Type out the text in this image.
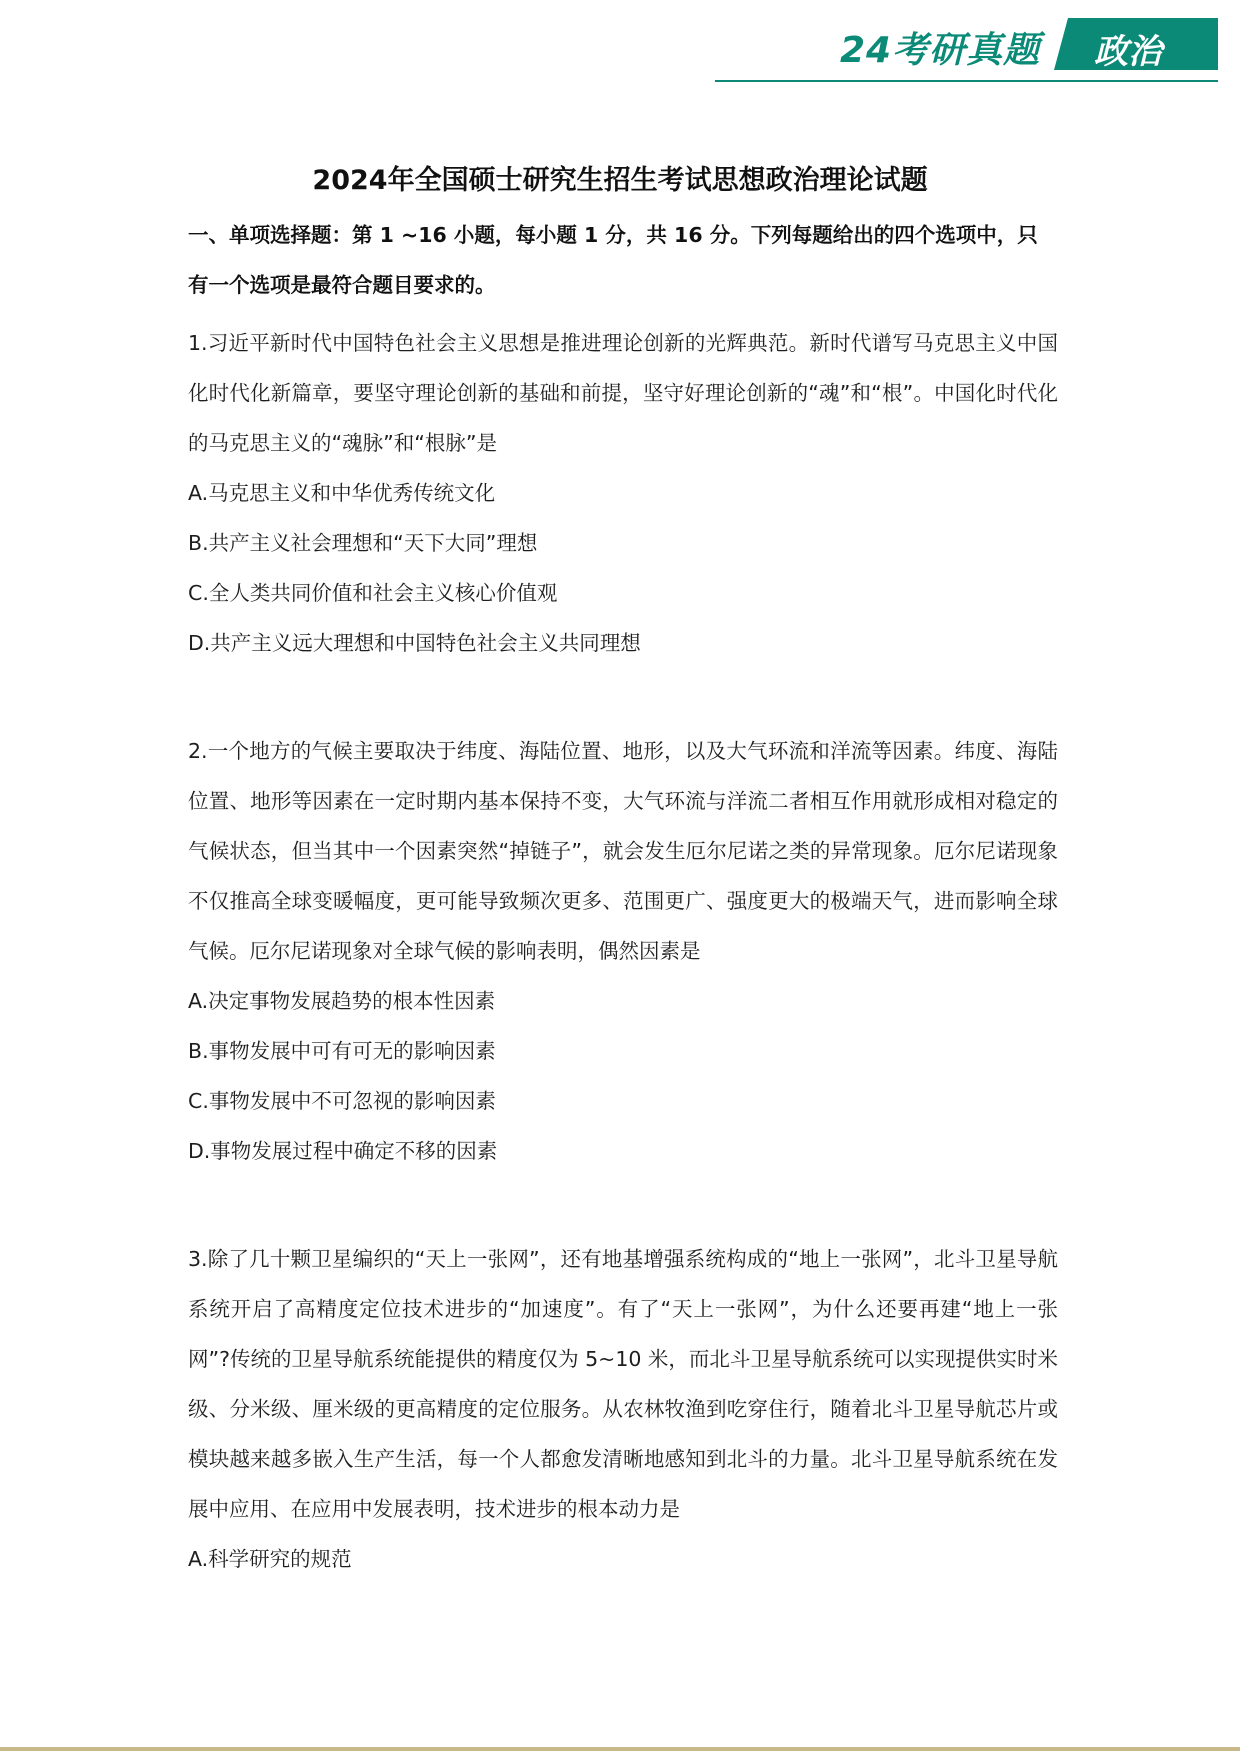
24考研真题 政治
2024年全国硕士研究生招生考试思想政治理论试题
一、单项选择题：第 1 ~16 小题，每小题 1 分，共 16 分。下列每题给出的四个选项中，只有一个选项是最符合题目要求的。
1.习近平新时代中国特色社会主义思想是推进理论创新的光辉典范。新时代谱写马克思主义中国化时代化新篇章，要坚守理论创新的基础和前提，坚守好理论创新的“魂”和“根”。中国化时代化的马克思主义的“魂脉”和“根脉”是
A.马克思主义和中华优秀传统文化
B.共产主义社会理想和“天下大同”理想
C.全人类共同价值和社会主义核心价值观
D.共产主义远大理想和中国特色社会主义共同理想
2.一个地方的气候主要取决于纬度、海陆位置、地形，以及大气环流和洋流等因素。纬度、海陆位置、地形等因素在一定时期内基本保持不变，大气环流与洋流二者相互作用就形成相对稳定的气候状态，但当其中一个因素突然“掉链子”，就会发生厄尔尼诺之类的异常现象。厄尔尼诺现象不仅推高全球变暖幅度，更可能导致频次更多、范围更广、强度更大的极端天气，进而影响全球气候。厄尔尼诺现象对全球气候的影响表明，偶然因素是
A.决定事物发展趋势的根本性因素
B.事物发展中可有可无的影响因素
C.事物发展中不可忽视的影响因素
D.事物发展过程中确定不移的因素
3.除了几十颗卫星编织的“天上一张网”，还有地基增强系统构成的“地上一张网”，北斗卫星导航系统开启了高精度定位技术进步的“加速度”。有了“天上一张网”，为什么还要再建“地上一张网”?传统的卫星导航系统能提供的精度仅为 5~10 米，而北斗卫星导航系统可以实现提供实时米级、分米级、厘米级的更高精度的定位服务。从农林牧渔到吃穿住行，随着北斗卫星导航芯片或模块越来越多嵌入生产生活，每一个人都愈发清晰地感知到北斗的力量。北斗卫星导航系统在发展中应用、在应用中发展表明，技术进步的根本动力是
A.科学研究的规范
